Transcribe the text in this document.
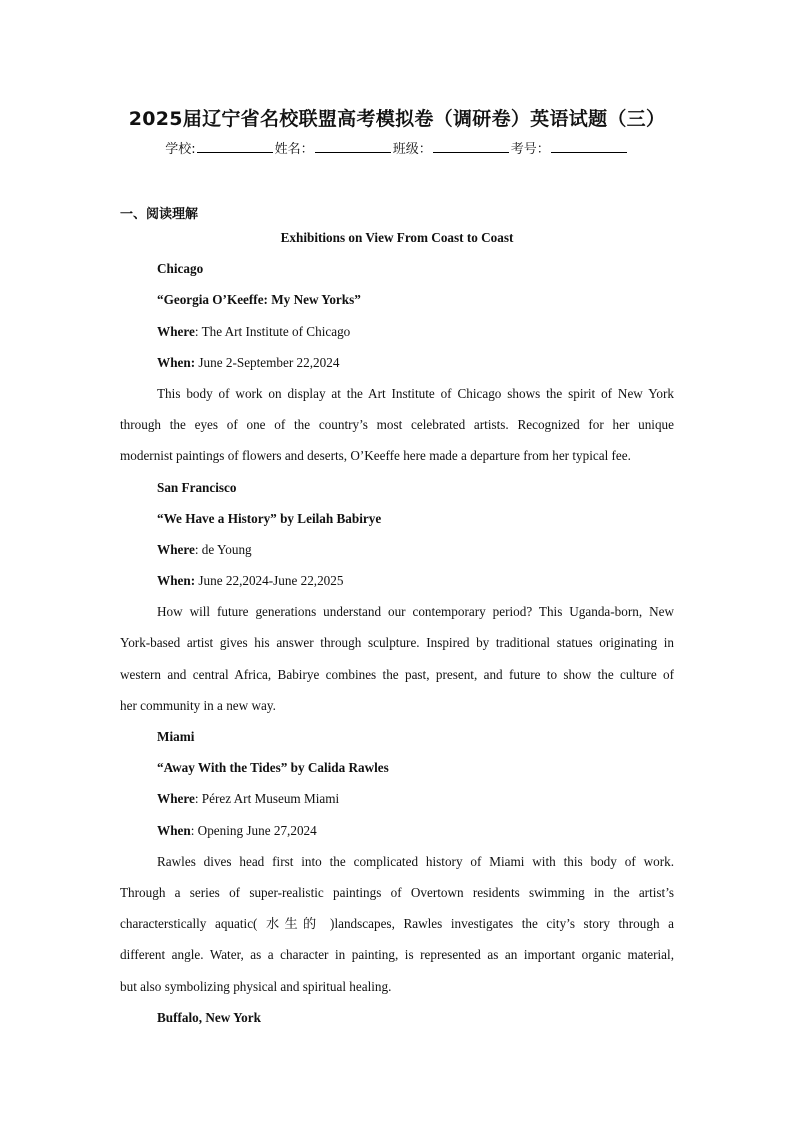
2025届辽宁省名校联盟高考模拟卷（调研卷）英语试题（三）
学校:	姓名：	班级：	考号：
一、阅读理解
Exhibitions on View From Coast to Coast
Chicago
“Georgia O’Keeffe: My New Yorks”
Where: The Art Institute of Chicago
When: June 2-September 22,2024
This body of work on display at the Art Institute of Chicago shows the spirit of New York
through the eyes of one of the country’s most celebrated artists. Recognized for her unique
modernist paintings of flowers and deserts, O’Keeffe here made a departure from her typical fee.
San Francisco
“We Have a History” by Leilah Babirye
Where: de Young
When: June 22,2024-June 22,2025
How will future generations understand our contemporary period? This Uganda-born, New
York-based artist gives his answer through sculpture. Inspired by traditional statues originating in
western and central Africa, Babirye combines the past, present, and future to show the culture of
her community in a new way.
Miami
“Away With the Tides” by Calida Rawles
Where: Pérez Art Museum Miami
When: Opening June 27,2024
Rawles dives head first into the complicated history of Miami with this body of work.
Through a series of super-realistic paintings of Overtown residents swimming in the artist’s
characterstically aquatic( 水生的 )landscapes, Rawles investigates the city’s story through a
different angle. Water, as a character in painting, is represented as an important organic material,
but also symbolizing physical and spiritual healing.
Buffalo, New York
